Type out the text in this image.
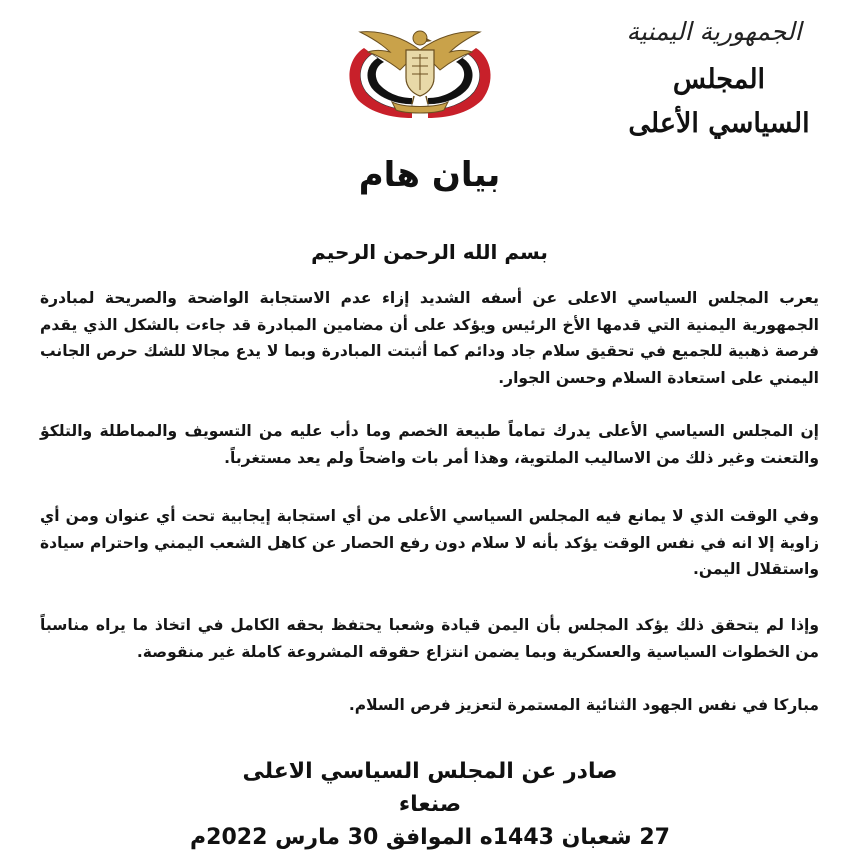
الجمهورية اليمنية
المجلس السياسي الأعلى
بيان هام

بسم الله الرحمن الرحيم

يعرب المجلس السياسي الاعلى عن أسفه الشديد إزاء عدم الاستجابة الواضحة والصريحة لمبادرة الجمهورية اليمنية التي قدمها الأخ الرئيس ويؤكد على أن مضامين المبادرة قد جاءت بالشكل الذي يقدم فرصة ذهبية للجميع في تحقيق سلام جاد ودائم كما أثبتت المبادرة وبما لا يدع مجالا للشك حرص الجانب اليمني على استعادة السلام وحسن الجوار.

إن المجلس السياسي الأعلى يدرك تماماً طبيعة الخصم وما دأب عليه من التسويف والمماطلة والتلكؤ والتعنت وغير ذلك من الاساليب الملتوية، وهذا أمر بات واضحاً ولم يعد مستغرباً.

وفي الوقت الذي لا يمانع فيه المجلس السياسي الأعلى من أي استجابة إيجابية تحت أي عنوان ومن أي زاوية إلا انه في نفس الوقت يؤكد بأنه لا سلام دون رفع الحصار عن كاهل الشعب اليمني واحترام سيادة واستقلال اليمن.

وإذا لم يتحقق ذلك يؤكد المجلس بأن اليمن قيادة وشعبا يحتفظ بحقه الكامل في اتخاذ ما يراه مناسباً من الخطوات السياسية والعسكرية وبما يضمن انتزاع حقوقه المشروعة كاملة غير منقوصة.

مباركا في نفس الجهود الثنائية المستمرة لتعزيز فرص السلام.

صادر عن المجلس السياسي الاعلى
صنعاء
27 شعبان 1443ه الموافق 30 مارس 2022م
